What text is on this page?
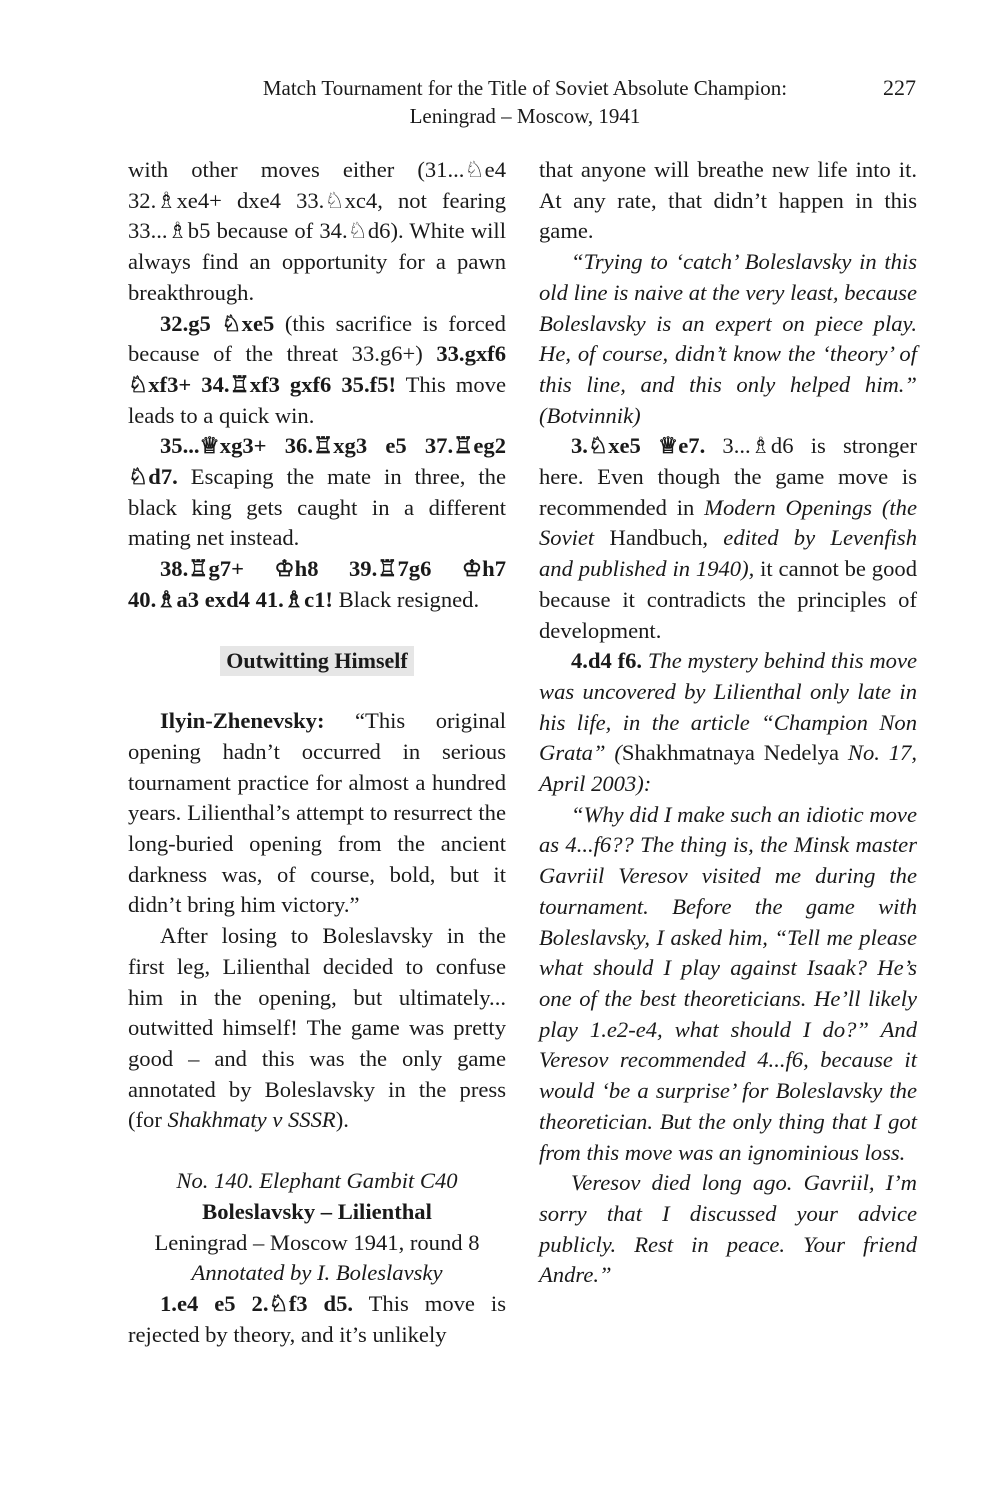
Match Tournament for the Title of Soviet Absolute Champion:
Leningrad – Moscow, 1941
227

with other moves either (31...♘e4 32.♗xe4+ dxe4 33.♘xc4, not fearing 33...♗b5 because of 34.♘d6). White will always find an opportunity for a pawn breakthrough.

32.g5 ♘xe5 (this sacrifice is forced because of the threat 33.g6+) 33.gxf6 ♘xf3+ 34.♖xf3 gxf6 35.f5! This move leads to a quick win.

35...♕xg3+ 36.♖xg3 e5 37.♖eg2 ♘d7. Escaping the mate in three, the black king gets caught in a different mating net instead.

38.♖g7+ ♔h8 39.♖7g6 ♔h7 40.♗a3 exd4 41.♗c1! Black resigned.

Outwitting Himself

Ilyin-Zhenevsky: “This original opening hadn’t occurred in serious tournament practice for almost a hundred years. Lilienthal’s attempt to resurrect the long-buried opening from the ancient darkness was, of course, bold, but it didn’t bring him victory.”

After losing to Boleslavsky in the first leg, Lilienthal decided to confuse him in the opening, but ultimately... outwitted himself! The game was pretty good – and this was the only game annotated by Boleslavsky in the press (for Shakhmaty v SSSR).

No. 140. Elephant Gambit C40

Boleslavsky – Lilienthal

Leningrad – Moscow 1941, round 8

Annotated by I. Boleslavsky

1.e4 e5 2.♘f3 d5. This move is rejected by theory, and it’s unlikely

that anyone will breathe new life into it. At any rate, that didn’t happen in this game.

“Trying to ‘catch’ Boleslavsky in this old line is naive at the very least, because Boleslavsky is an expert on piece play. He, of course, didn’t know the ‘theory’ of this line, and this only helped him.” (Botvinnik)

3.♘xe5 ♕e7. 3...♗d6 is stronger here. Even though the game move is recommended in Modern Openings (the Soviet Handbuch, edited by Levenfish and published in 1940), it cannot be good because it contradicts the principles of development.

4.d4 f6. The mystery behind this move was uncovered by Lilienthal only late in his life, in the article “Champion Non Grata” (Shakhmatnaya Nedelya No. 17, April 2003):

“Why did I make such an idiotic move as 4...f6?? The thing is, the Minsk master Gavriil Veresov visited me during the tournament. Before the game with Boleslavsky, I asked him, “Tell me please what should I play against Isaak? He’s one of the best theoreticians. He’ll likely play 1.e2-e4, what should I do?” And Veresov recommended 4...f6, because it would ‘be a surprise’ for Boleslavsky the theoretician. But the only thing that I got from this move was an ignominious loss.

Veresov died long ago. Gavriil, I’m sorry that I discussed your advice publicly. Rest in peace. Your friend Andre.”
